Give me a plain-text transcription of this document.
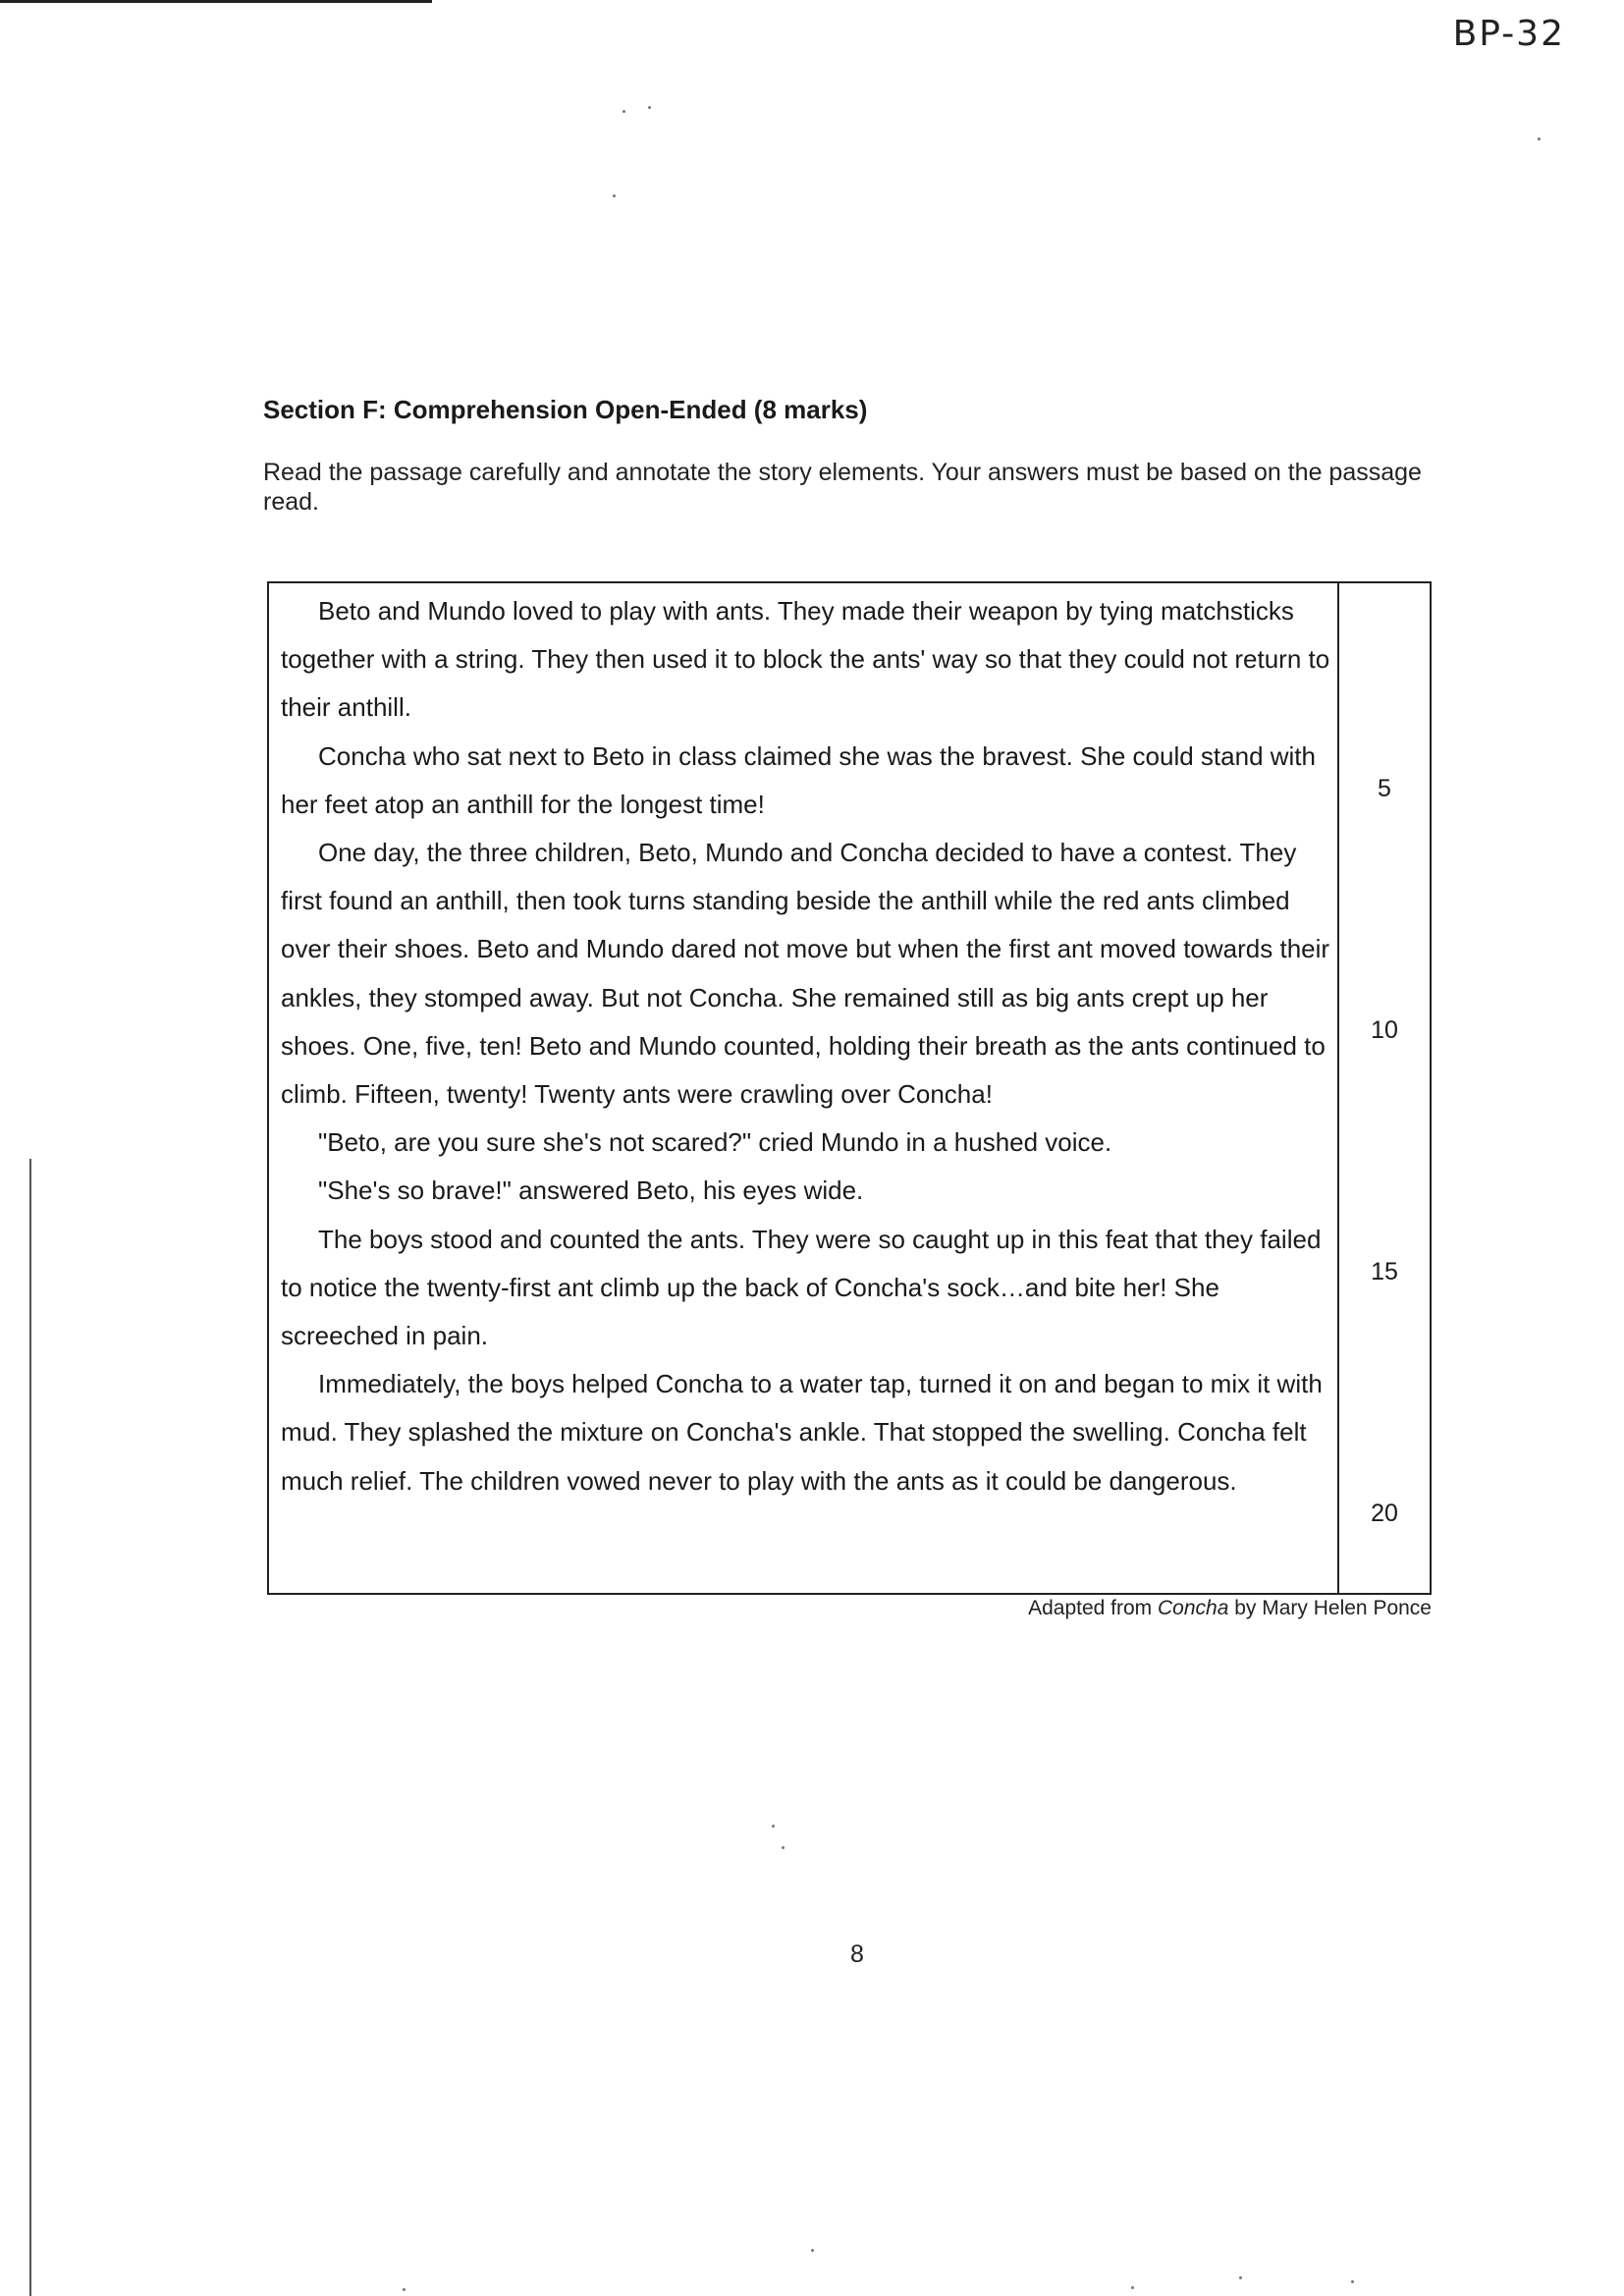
BP-32
Section F: Comprehension Open-Ended (8 marks)
Read the passage carefully and annotate the story elements. Your answers must be based on the passage read.

Beto and Mundo loved to play with ants. They made their weapon by tying matchsticks together with a string. They then used it to block the ants' way so that they could not return to their anthill.

Concha who sat next to Beto in class claimed she was the bravest. She could stand with her feet atop an anthill for the longest time!

One day, the three children, Beto, Mundo and Concha decided to have a contest. They first found an anthill, then took turns standing beside the anthill while the red ants climbed over their shoes. Beto and Mundo dared not move but when the first ant moved towards their ankles, they stomped away. But not Concha. She remained still as big ants crept up her shoes. One, five, ten! Beto and Mundo counted, holding their breath as the ants continued to climb. Fifteen, twenty! Twenty ants were crawling over Concha!

"Beto, are you sure she's not scared?" cried Mundo in a hushed voice.

"She's so brave!" answered Beto, his eyes wide.

The boys stood and counted the ants. They were so caught up in this feat that they failed to notice the twenty-first ant climb up the back of Concha's sock…and bite her! She screeched in pain.

Immediately, the boys helped Concha to a water tap, turned it on and began to mix it with mud. They splashed the mixture on Concha's ankle. That stopped the swelling. Concha felt much relief. The children vowed never to play with the ants as it could be dangerous.

5
10
15
20
Adapted from Concha by Mary Helen Ponce
8
